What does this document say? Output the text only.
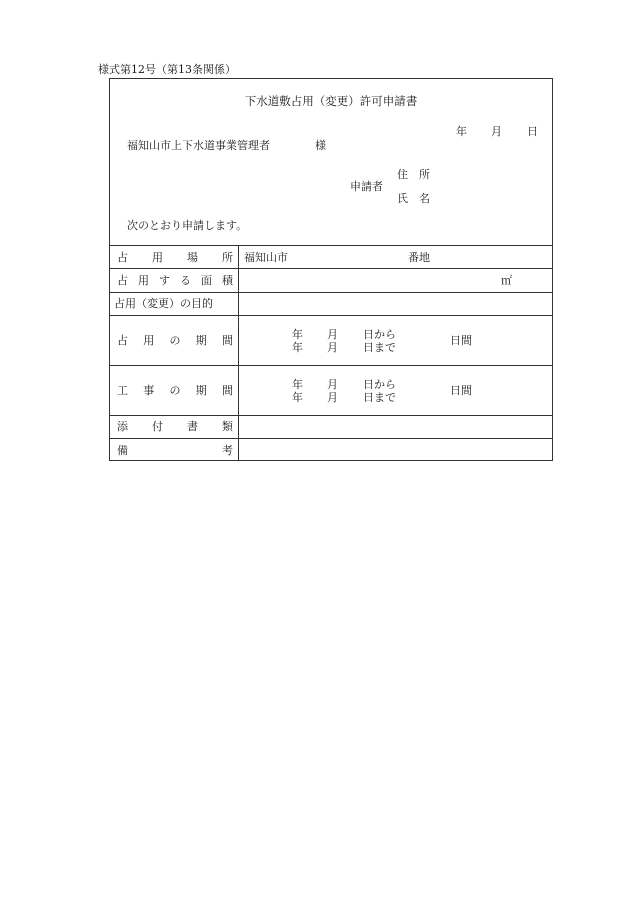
様式第12号（第13条関係）
下水道敷占用（変更）許可申請書
年 月 日
福知山市上下水道事業管理者	様
住　所
申請者
氏　名
次のとおり申請します。
占 用 場 所 福知山市	番地
占 用 す る 面 積	㎡
占用（変更）の目的
占 用 の 期 間	年 月 日から
年 月 日まで
日間
工 事 の 期 間	年 月 日から
年 月 日まで
日間
添 付 書 類
備	考
